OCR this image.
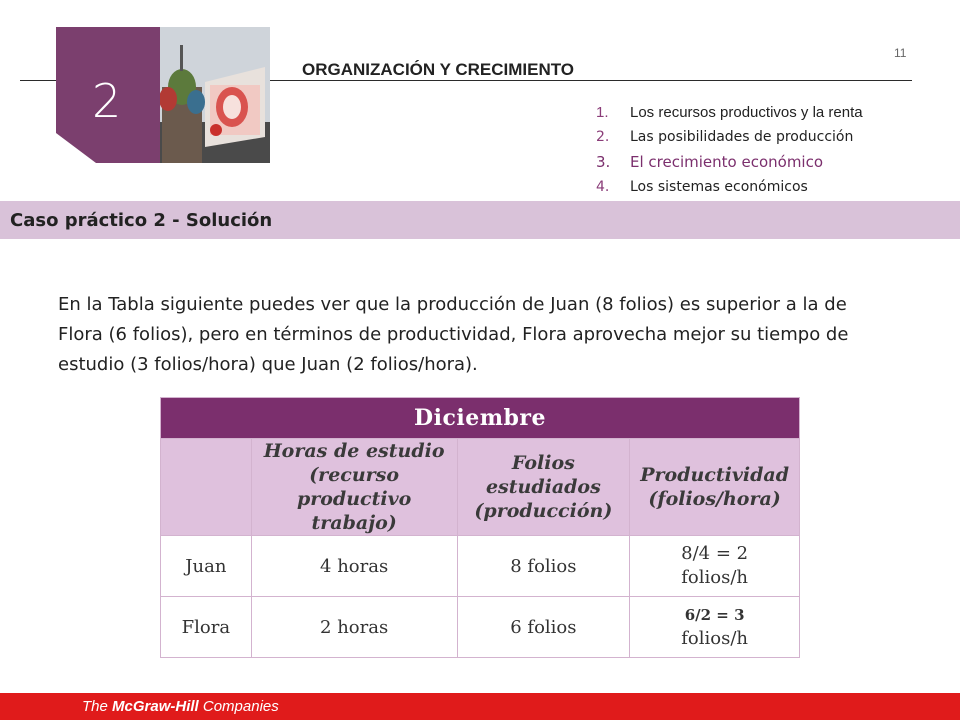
2
ORGANIZACIÓN Y CRECIMIENTO
11
1. Los recursos productivos y la renta
2. Las posibilidades de producción
3. El crecimiento económico
4. Los sistemas económicos
Caso práctico 2 - Solución
En la Tabla siguiente puedes ver que la producción de Juan (8 folios) es superior a la de Flora (6 folios), pero en términos de productividad, Flora aprovecha mejor su tiempo de estudio (3 folios/hora) que Juan (2 folios/hora).
Diciembre			
	Horas de estudio (recurso productivo trabajo)	Folios estudiados (producción)	Productividad (folios/hora)
Juan	4 horas	8 folios	8/4 = 2
folios/h

Flora	2 horas	6 folios	6/2 = 3
folios/h
The McGraw-Hill Companies
